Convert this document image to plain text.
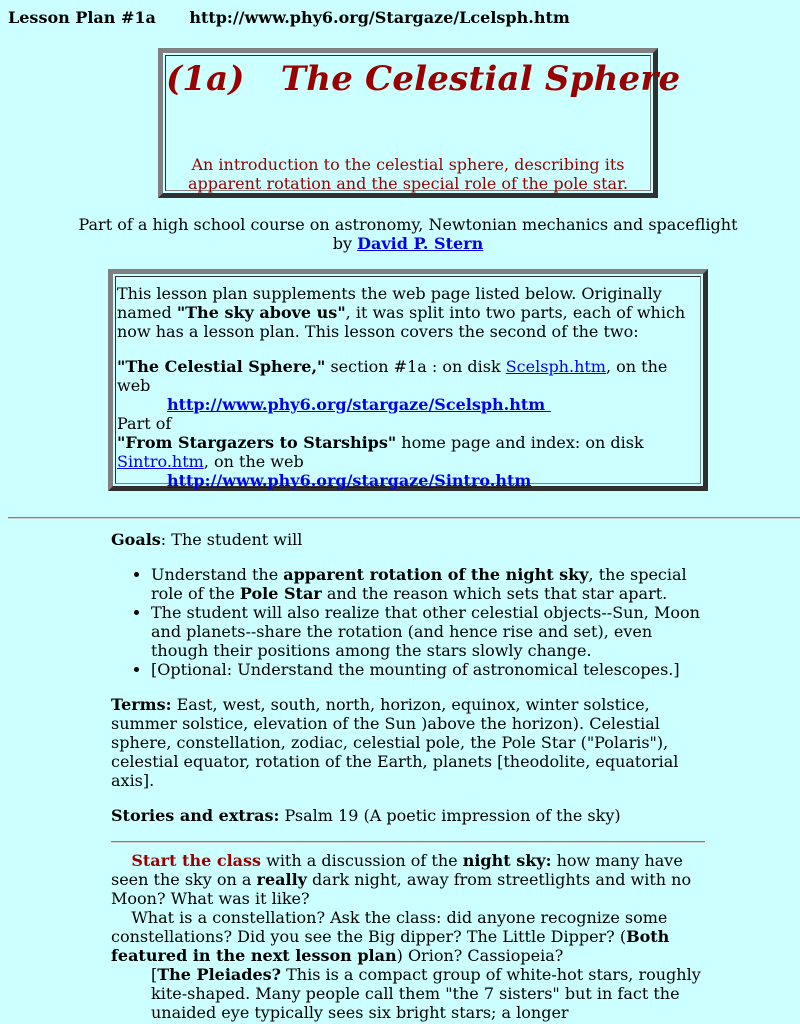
Lesson Plan #1a http://www.phy6.org/Stargaze/Lcelsph.htm
(1a)   The Celestial Sphere
An introduction to the celestial sphere, describing its
apparent rotation and the special role of the pole star.
Part of a high school course on astronomy, Newtonian mechanics and spaceflight
by David P. Stern

This lesson plan supplements the web page listed below. Originally named "The sky above us", it was split into two parts, each of which now has a lesson plan. This lesson covers the second of the two:

"The Celestial Sphere," section #1a : on disk Scelsph.htm, on the web

http://www.phy6.org/stargaze/Scelsph.htm

Part of

"From Stargazers to Starships" home page and index: on disk Sintro.htm, on the web

http://www.phy6.org/stargaze/Sintro.htm

Goals: The student will

• Understand the apparent rotation of the night sky, the special role of the Pole Star and the reason which sets that star apart.
• The student will also realize that other celestial objects--Sun, Moon and planets--share the rotation (and hence rise and set), even though their positions among the stars slowly change.
• [Optional: Understand the mounting of astronomical telescopes.]

Terms: East, west, south, north, horizon, equinox, winter solstice, summer solstice, elevation of the Sun )above the horizon). Celestial sphere, constellation, zodiac, celestial pole, the Pole Star ("Polaris"), celestial equator, rotation of the Earth, planets [theodolite, equatorial axis].

Stories and extras: Psalm 19 (A poetic impression of the sky)

Start the class with a discussion of the night sky: how many have seen the sky on a really dark night, away from streetlights and with no Moon? What was it like?

What is a constellation? Ask the class: did anyone recognize some constellations? Did you see the Big dipper? The Little Dipper? (Both featured in the next lesson plan) Orion? Cassiopeia?

[The Pleiades? This is a compact group of white-hot stars, roughly kite-shaped. Many people call them "the 7 sisters" but in fact the unaided eye typically sees six bright stars; a longer
